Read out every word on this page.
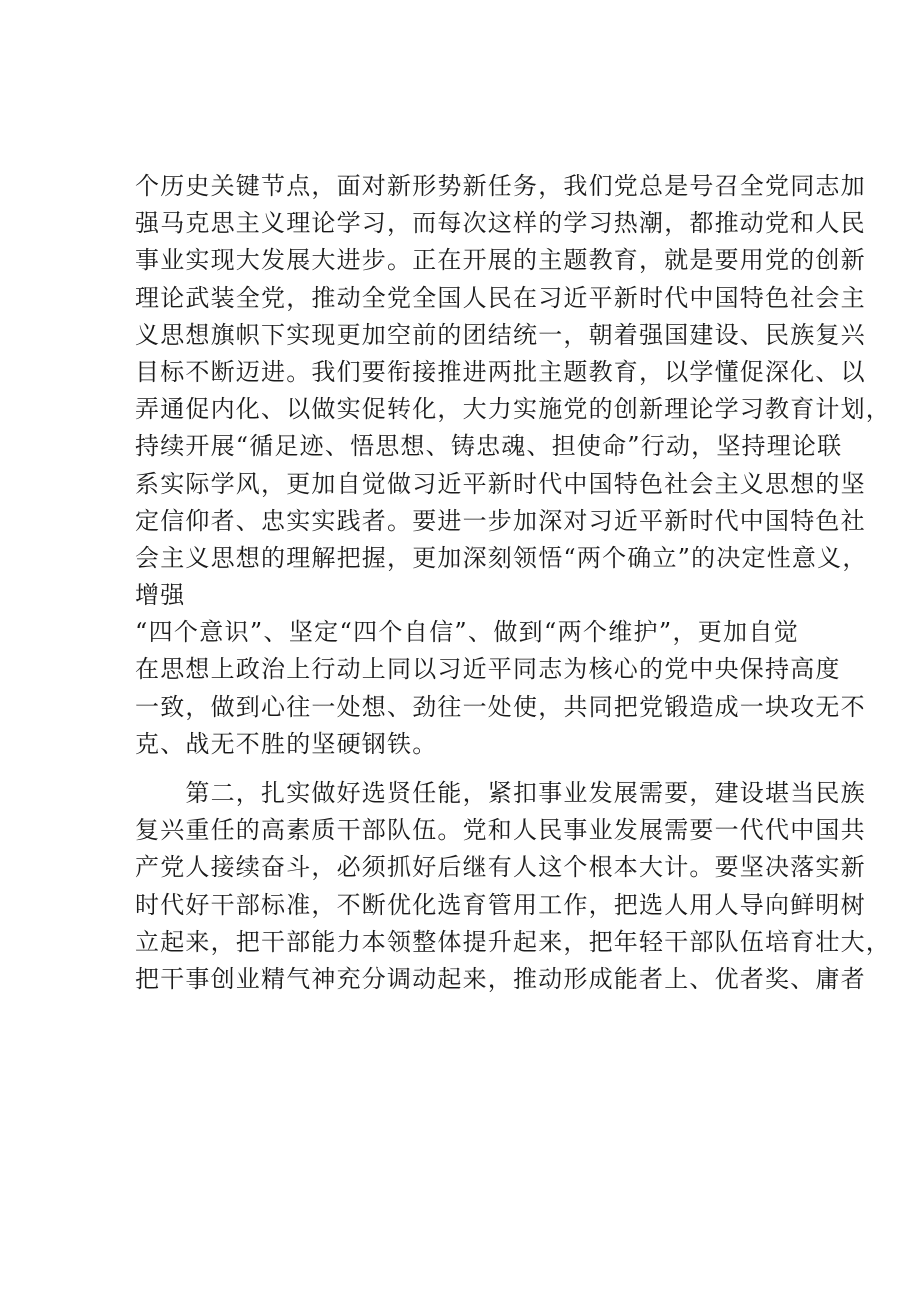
个历史关键节点，面对新形势新任务，我们党总是号召全党同志加
强马克思主义理论学习，而每次这样的学习热潮，都推动党和人民
事业实现大发展大进步。正在开展的主题教育，就是要用党的创新
理论武装全党，推动全党全国人民在习近平新时代中国特色社会主
义思想旗帜下实现更加空前的团结统一，朝着强国建设、民族复兴
目标不断迈进。我们要衔接推进两批主题教育，以学懂促深化、以
弄通促内化、以做实促转化，大力实施党的创新理论学习教育计划，
持续开展“循足迹、悟思想、铸忠魂、担使命”行动，坚持理论联
系实际学风，更加自觉做习近平新时代中国特色社会主义思想的坚
定信仰者、忠实实践者。要进一步加深对习近平新时代中国特色社
会主义思想的理解把握，更加深刻领悟“两个确立”的决定性意义，
增强
“四个意识”、坚定“四个自信”、做到“两个维护”，更加自觉
在思想上政治上行动上同以习近平同志为核心的党中央保持高度
一致，做到心往一处想、劲往一处使，共同把党锻造成一块攻无不
克、战无不胜的坚硬钢铁。
　　第二，扎实做好选贤任能，紧扣事业发展需要，建设堪当民族
复兴重任的高素质干部队伍。党和人民事业发展需要一代代中国共
产党人接续奋斗，必须抓好后继有人这个根本大计。要坚决落实新
时代好干部标准，不断优化选育管用工作，把选人用人导向鲜明树
立起来，把干部能力本领整体提升起来，把年轻干部队伍培育壮大，
把干事创业精气神充分调动起来，推动形成能者上、优者奖、庸者
